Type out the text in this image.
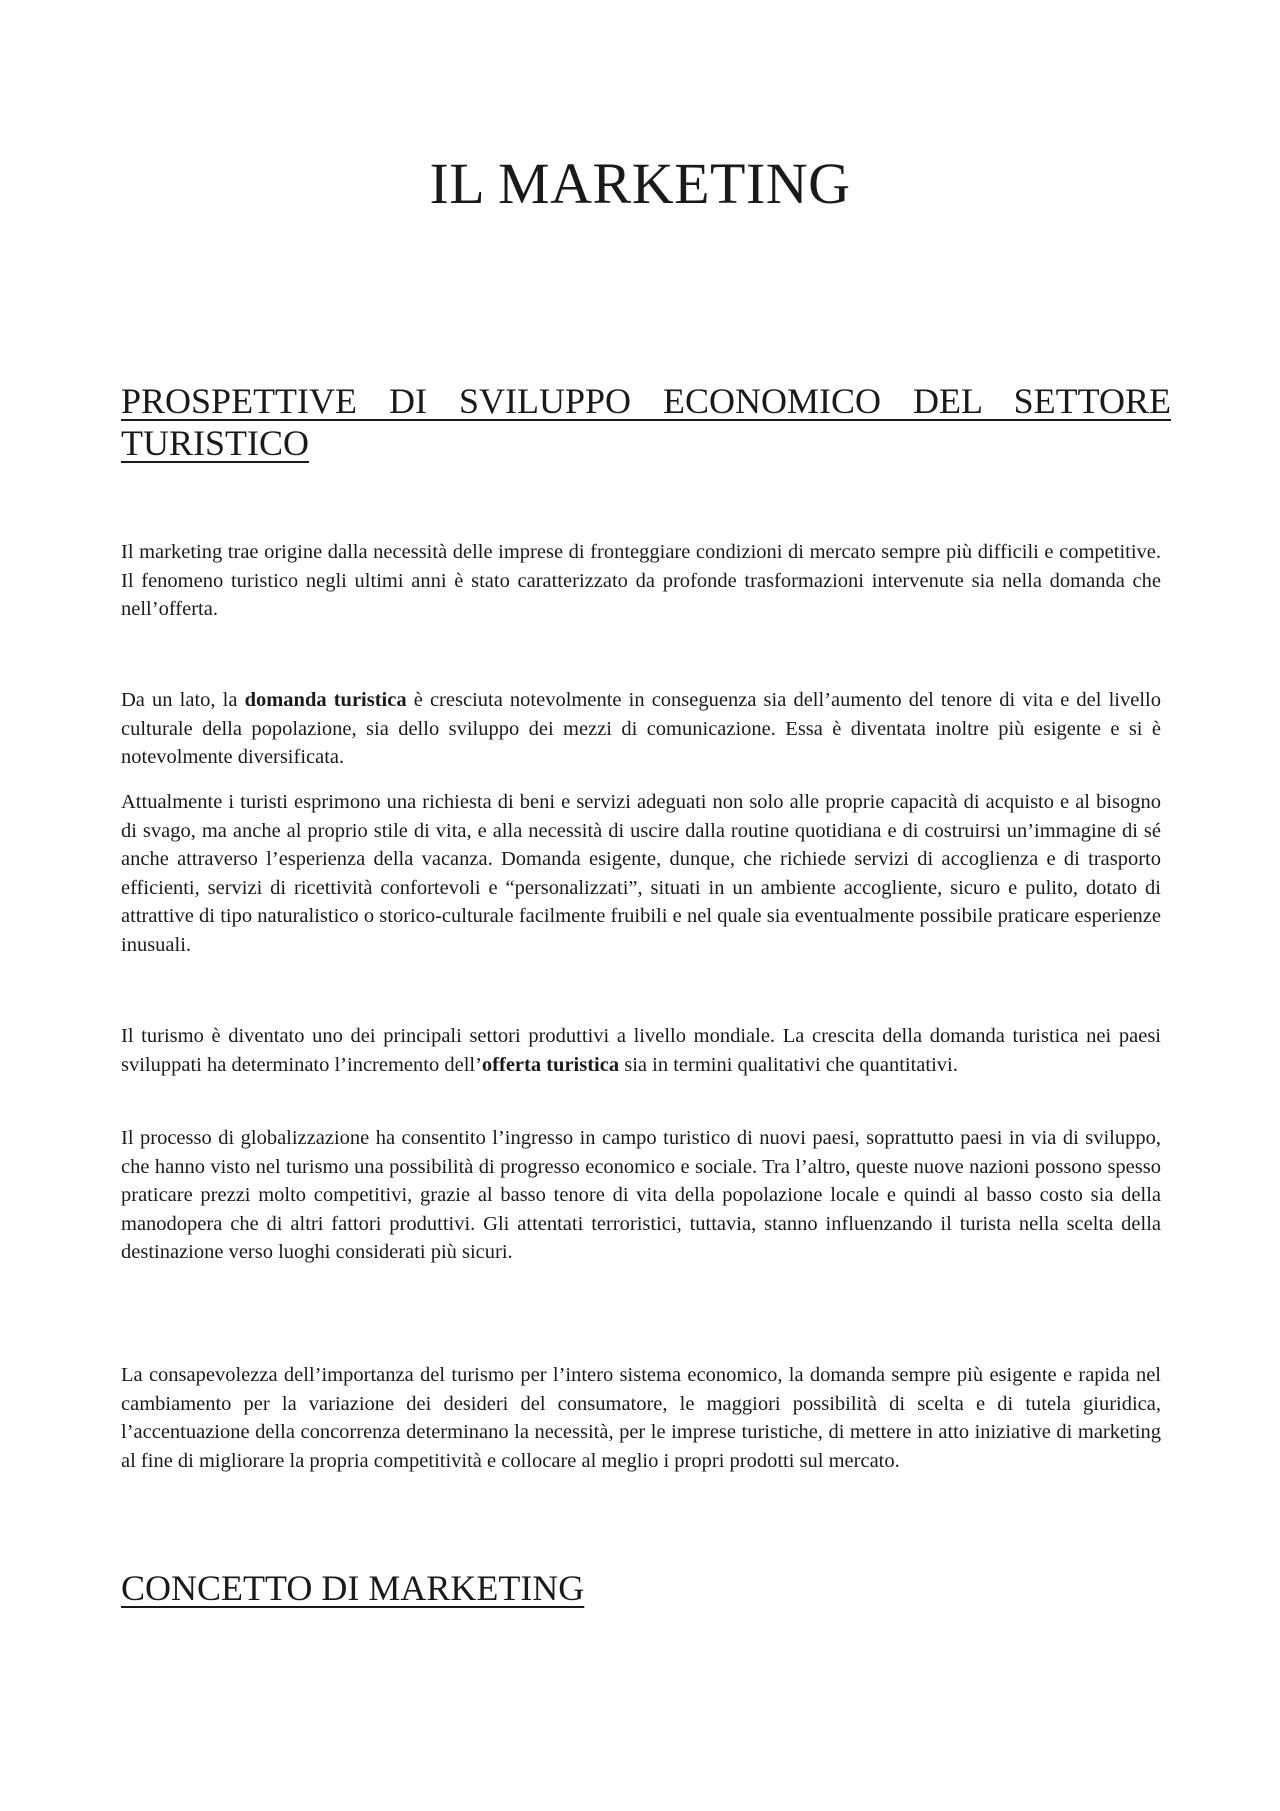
IL MARKETING
PROSPETTIVE DI SVILUPPO ECONOMICO DEL SETTORE TURISTICO

Il marketing trae origine dalla necessità delle imprese di fronteggiare condizioni di mercato sempre più difficili e competitive. Il fenomeno turistico negli ultimi anni è stato caratterizzato da profonde trasformazioni intervenute sia nella domanda che nell’offerta.

Da un lato, la domanda turistica è cresciuta notevolmente in conseguenza sia dell’aumento del tenore di vita e del livello culturale della popolazione, sia dello sviluppo dei mezzi di comunicazione. Essa è diventata inoltre più esigente e si è notevolmente diversificata.

Attualmente i turisti esprimono una richiesta di beni e servizi adeguati non solo alle proprie capacità di acquisto e al bisogno di svago, ma anche al proprio stile di vita, e alla necessità di uscire dalla routine quotidiana e di costruirsi un’immagine di sé anche attraverso l’esperienza della vacanza. Domanda esigente, dunque, che richiede servizi di accoglienza e di trasporto efficienti, servizi di ricettività confortevoli e “personalizzati”, situati in un ambiente accogliente, sicuro e pulito, dotato di attrattive di tipo naturalistico o storico-culturale facilmente fruibili e nel quale sia eventualmente possibile praticare esperienze inusuali.

Il turismo è diventato uno dei principali settori produttivi a livello mondiale. La crescita della domanda turistica nei paesi sviluppati ha determinato l’incremento dell’offerta turistica sia in termini qualitativi che quantitativi.

Il processo di globalizzazione ha consentito l’ingresso in campo turistico di nuovi paesi, soprattutto paesi in via di sviluppo, che hanno visto nel turismo una possibilità di progresso economico e sociale. Tra l’altro, queste nuove nazioni possono spesso praticare prezzi molto competitivi, grazie al basso tenore di vita della popolazione locale e quindi al basso costo sia della manodopera che di altri fattori produttivi. Gli attentati terroristici, tuttavia, stanno influenzando il turista nella scelta della destinazione verso luoghi considerati più sicuri.

La consapevolezza dell’importanza del turismo per l’intero sistema economico, la domanda sempre più esigente e rapida nel cambiamento per la variazione dei desideri del consumatore, le maggiori possibilità di scelta e di tutela giuridica, l’accentuazione della concorrenza determinano la necessità, per le imprese turistiche, di mettere in atto iniziative di marketing al fine di migliorare la propria competitività e collocare al meglio i propri prodotti sul mercato.

CONCETTO DI MARKETING
